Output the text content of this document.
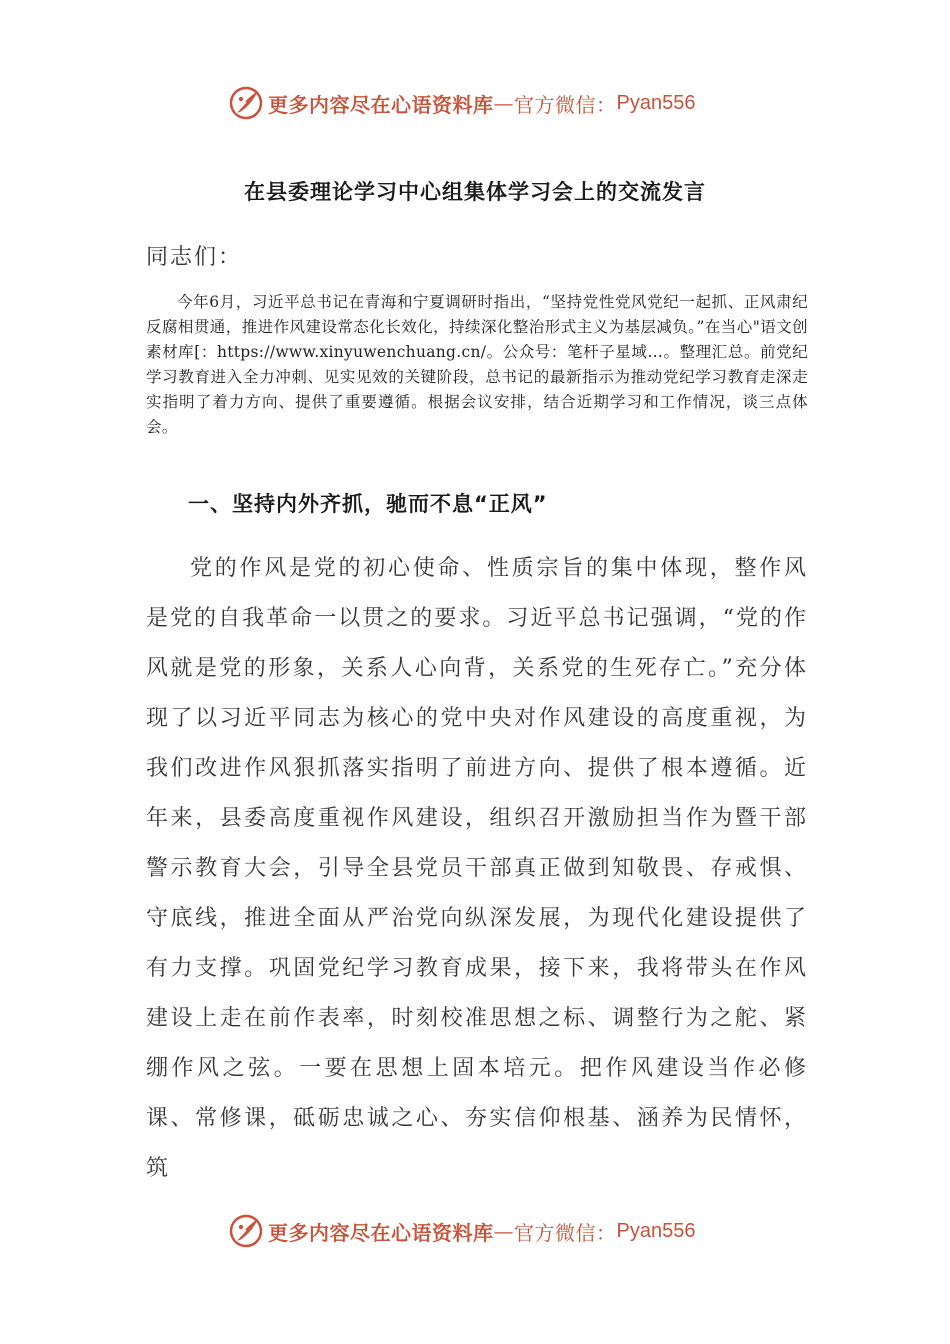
更多内容尽在心语资料库 — 官方微信： Pyan556
在县委理论学习中心组集体学习会上的交流发言
同志们：
今年6月，习近平总书记在青海和宁夏调研时指出，“坚持党性党风党纪一起抓、正风肃纪反腐相贯通，推进作风建设常态化长效化，持续深化整治形式主义为基层减负。”在当心"语文创素材库[：https://www.xinyuwenchuang.cn/。公众号：笔杆子星域…。整理汇总。前党纪学习教育进入全力冲刺、见实见效的关键阶段，总书记的最新指示为推动党纪学习教育走深走实指明了着力方向、提供了重要遵循。根据会议安排，结合近期学习和工作情况，谈三点体会。
一、坚持内外齐抓，驰而不息“正风”
党的作风是党的初心使命、性质宗旨的集中体现，整作风是党的自我革命一以贯之的要求。习近平总书记强调，“党的作风就是党的形象，关系人心向背，关系党的生死存亡。”充分体现了以习近平同志为核心的党中央对作风建设的高度重视，为我们改进作风狠抓落实指明了前进方向、提供了根本遵循。近年来，县委高度重视作风建设，组织召开激励担当作为暨干部警示教育大会，引导全县党员干部真正做到知敬畏、存戒惧、守底线，推进全面从严治党向纵深发展，为现代化建设提供了有力支撑。巩固党纪学习教育成果，接下来，我将带头在作风建设上走在前作表率，时刻校准思想之标、调整行为之舵、紧绷作风之弦。一要在思想上固本培元。把作风建设当作必修课、常修课，砥砺忠诚之心、夯实信仰根基、涵养为民情怀，筑
更多内容尽在心语资料库 — 官方微信： Pyan556
